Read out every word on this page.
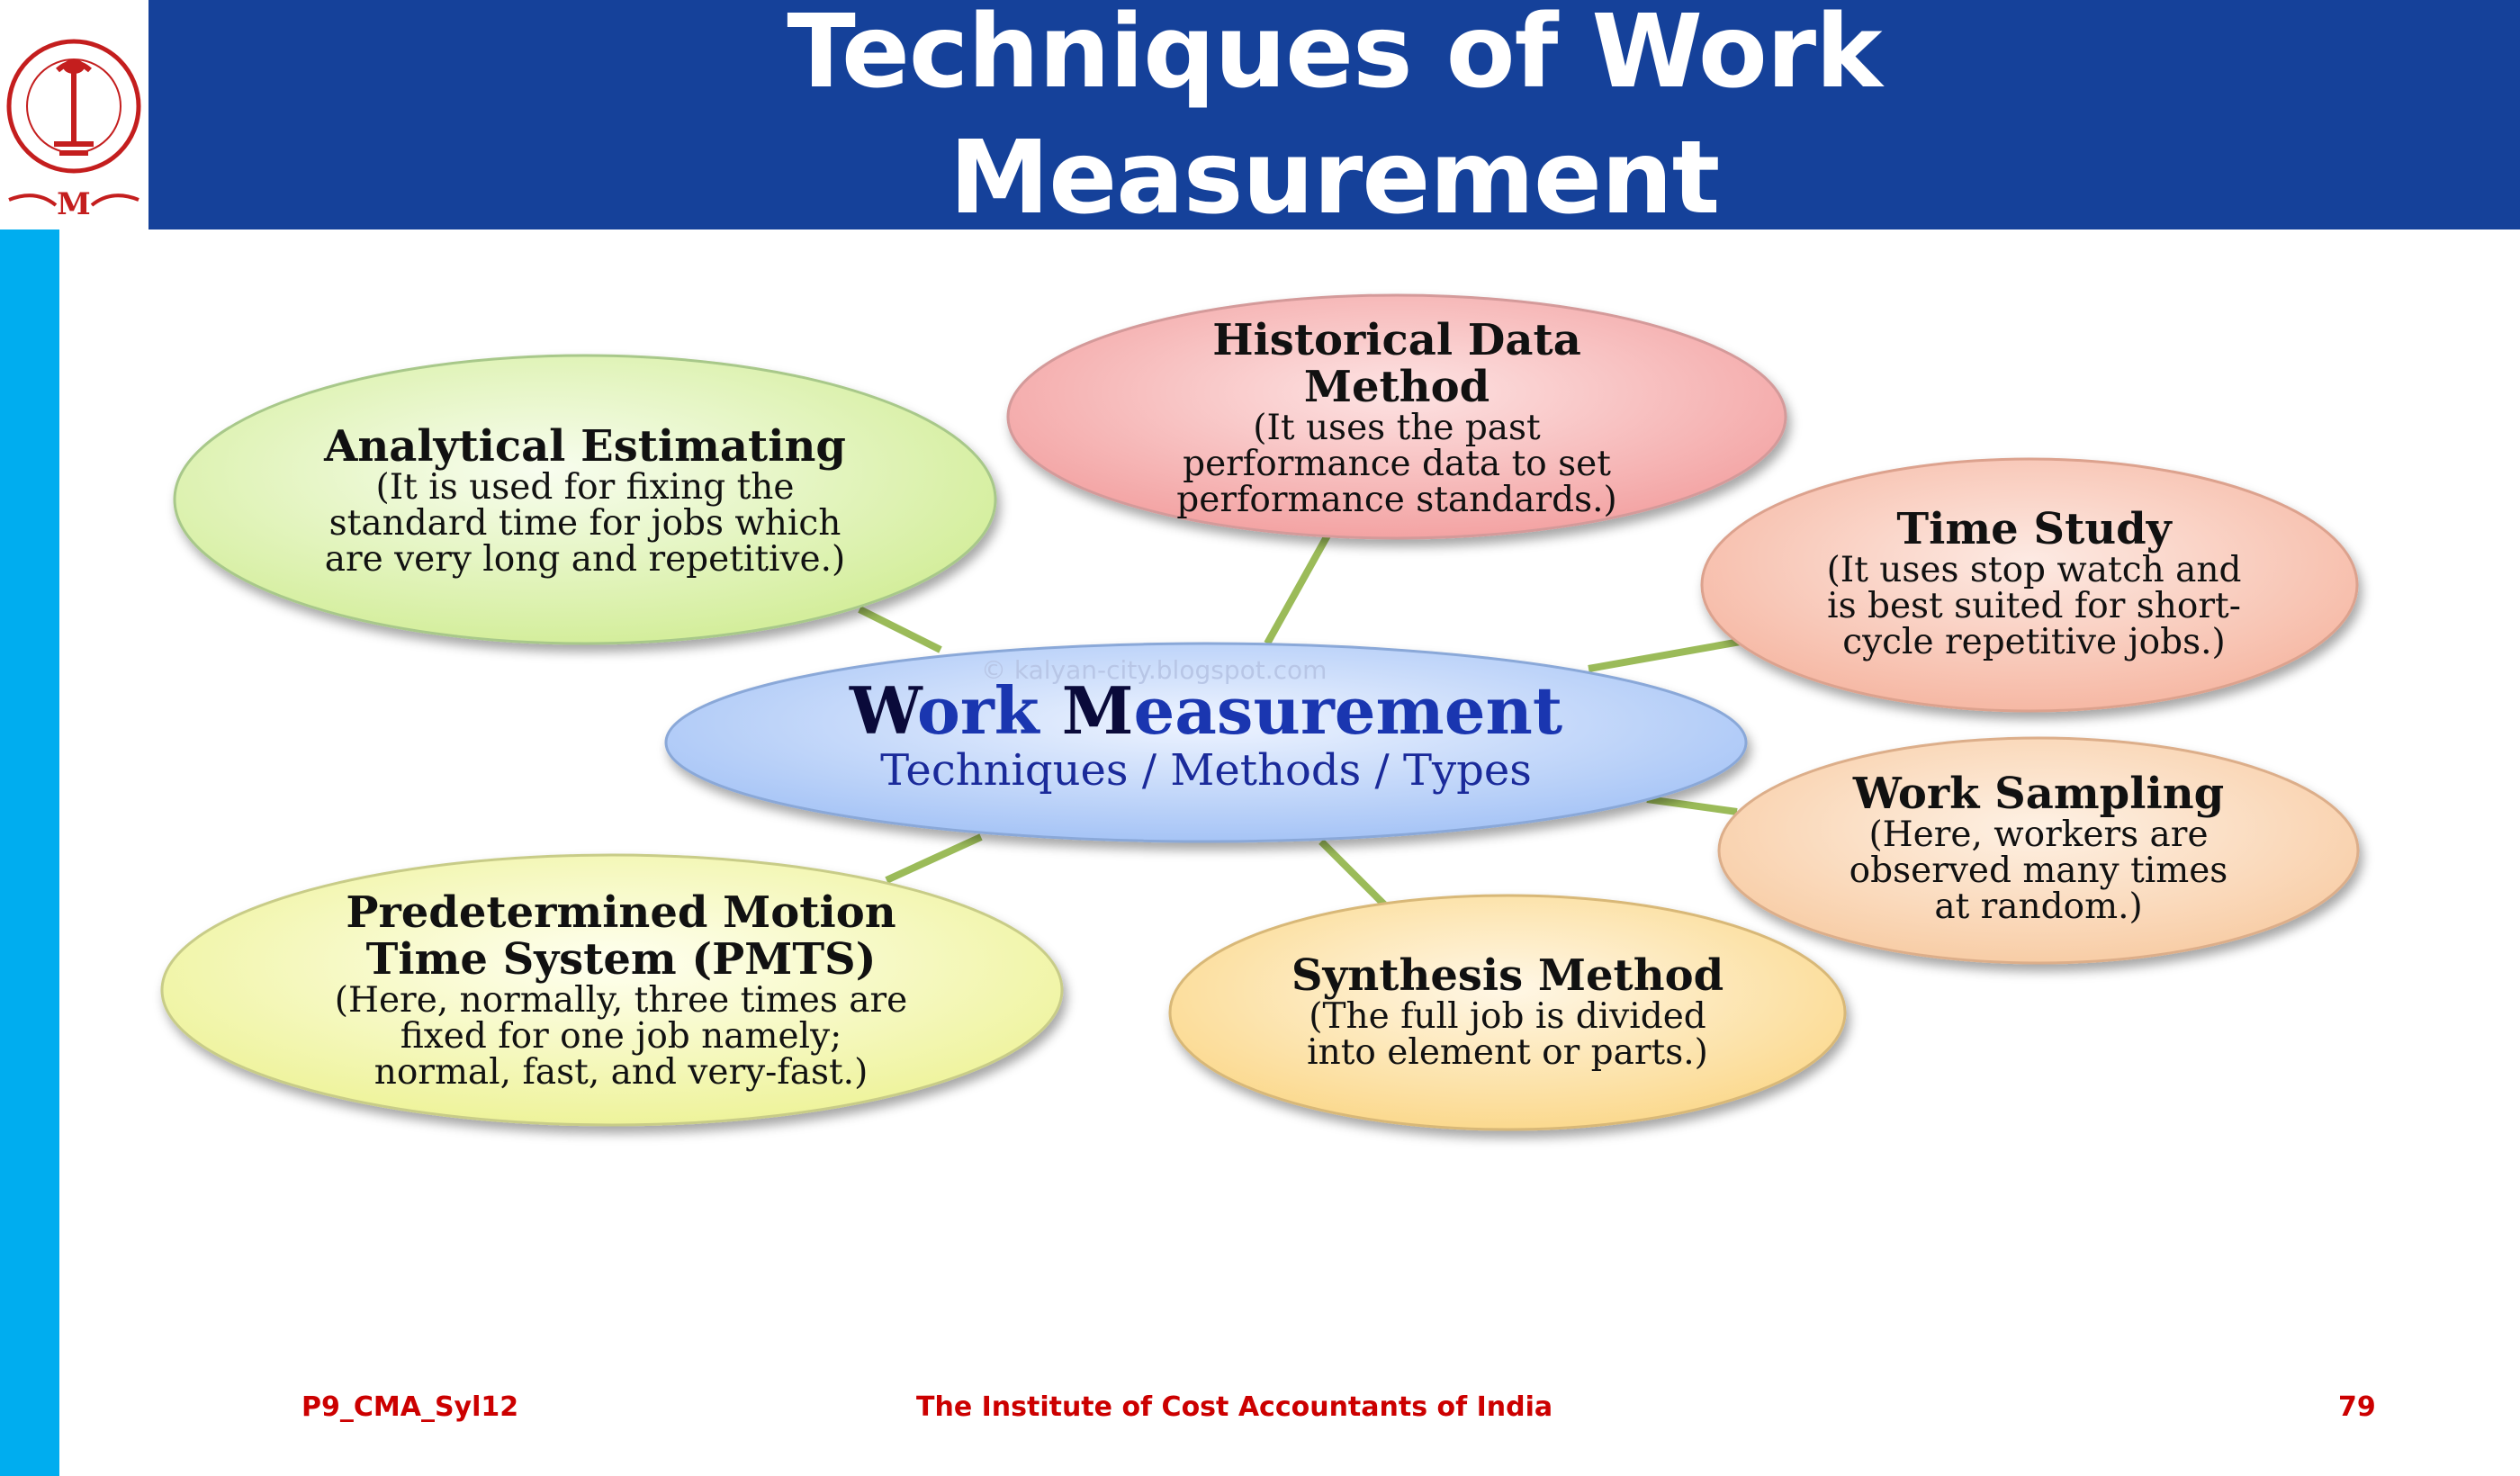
M
Techniques of Work
Measurement
© kalyan-city.blogspot.com
Work Measurement
Techniques / Methods / Types
Analytical Estimating
(It is used for fixing the
standard time for jobs which
are very long and repetitive.)
Historical Data
Method
(It uses the past
performance data to set
performance standards.)
Time Study
(It uses stop watch and
is best suited for short-
cycle repetitive jobs.)
Work Sampling
(Here, workers are
observed many times
at random.)
Synthesis Method
(The full job is divided
into element or parts.)
Predetermined Motion
Time System (PMTS)
(Here, normally, three times are
fixed for one job namely;
normal, fast, and very-fast.)
P9_CMA_Syl12	The Institute of Cost Accountants of India	79
